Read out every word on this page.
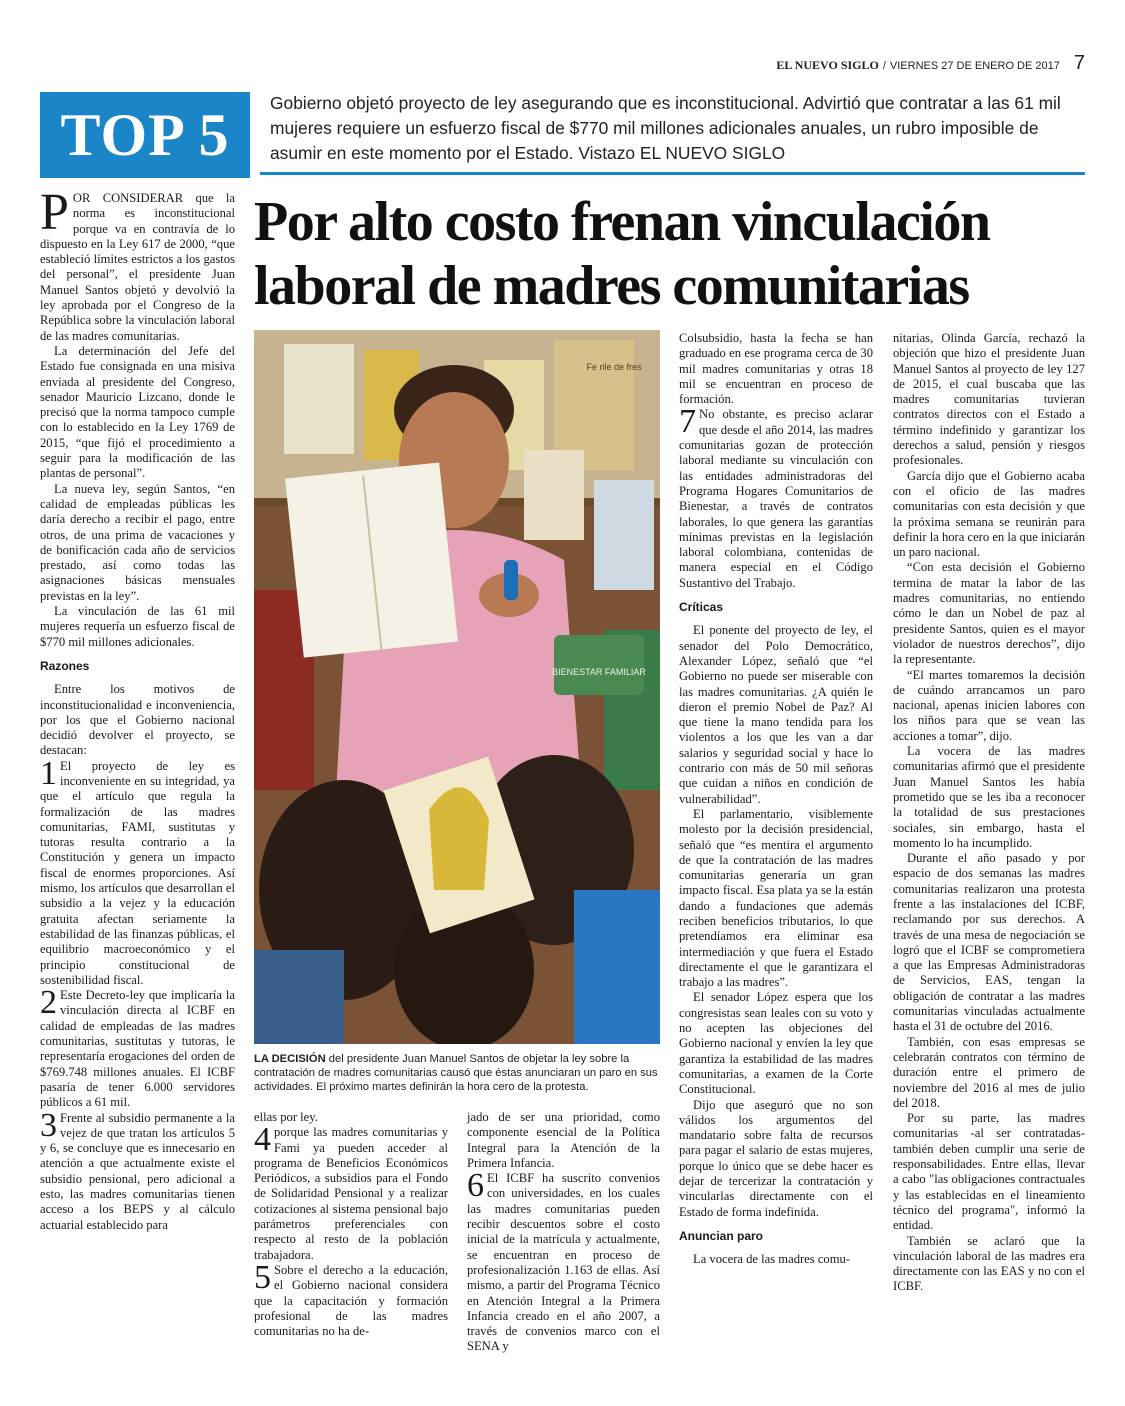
EL NUEVO SIGLO / VIERNES 27 DE ENERO DE 2017 7
TOP 5	Gobierno objetó proyecto de ley asegurando que es inconstitucional. Advirtió que contratar a las 61 mil mujeres requiere un esfuerzo fiscal de $770 mil millones adicionales anuales, un rubro imposible de asumir en este momento por el Estado. Vistazo EL NUEVO SIGLO
Por alto costo frenan vinculación laboral de madres comunitarias

POR CONSIDERAR que la norma es inconstitucional porque va en contravía de lo dispuesto en la Ley 617 de 2000, “que estableció límites estrictos a los gastos del personal”, el presidente Juan Manuel Santos objetó y devolvió la ley aprobada por el Congreso de la República sobre la vinculación laboral de las madres comunitarias.

La determinación del Jefe del Estado fue consignada en una misiva enviada al presidente del Congreso, senador Mauricio Lizcano, donde le precisó que la norma tampoco cumple con lo establecido en la Ley 1769 de 2015, “que fijó el procedimiento a seguir para la modificación de las plantas de personal”.

La nueva ley, según Santos, “en calidad de empleadas públicas les daría derecho a recibir el pago, entre otros, de una prima de vacaciones y de bonificación cada año de servicios prestado, así como todas las asignaciones básicas mensuales previstas en la ley”.

La vinculación de las 61 mil mujeres requería un esfuerzo fiscal de $770 mil millones adicionales.

Razones

Entre los motivos de inconstitucionalidad e inconveniencia, por los que el Gobierno nacional decidió devolver el proyecto, se destacan:

1 El proyecto de ley es inconveniente en su integridad, ya que el artículo que regula la formalización de las madres comunitarias, FAMI, sustitutas y tutoras resulta contrario a la Constitución y genera un impacto fiscal de enormes proporciones. Así mismo, los artículos que desarrollan el subsidio a la vejez y la educación gratuita afectan seriamente la estabilidad de las finanzas públicas, el equilibrio macroeconómico y el principio constitucional de sostenibilidad fiscal.

2 Este Decreto-ley que implicaría la vinculación directa al ICBF en calidad de empleadas de las madres comunitarias, sustitutas y tutoras, le representaría erogaciones del orden de $769.748 millones anuales. El ICBF pasaría de tener 6.000 servidores públicos a 61 mil.

3 Frente al subsidio permanente a la vejez de que tratan los artículos 5 y 6, se concluye que es innecesario en atención a que actualmente existe el subsidio pensional, pero adicional a esto, las madres comunitarias tienen acceso a los BEPS y al cálculo actuarial establecido para

BIENESTAR FAMILIAR
Fe rile de fres
LA DECISIÓN del presidente Juan Manuel Santos de objetar la ley sobre la contratación de madres comunitarias causó que éstas anunciaran un paro en sus actividades. El próximo martes definirán la hora cero de la protesta.

ellas por ley.

4 porque las madres comunitarias y Fami ya pueden acceder al programa de Beneficios Económicos Periódicos, a subsidios para el Fondo de Solidaridad Pensional y a realizar cotizaciones al sistema pensional bajo parámetros preferenciales con respecto al resto de la población trabajadora.

5 Sobre el derecho a la educación, el Gobierno nacional considera que la capacitación y formación profesional de las madres comunitarias no ha de-

jado de ser una prioridad, como componente esencial de la Política Integral para la Atención de la Primera Infancia.

6 El ICBF ha suscrito convenios con universidades, en los cuales las madres comunitarias pueden recibir descuentos sobre el costo inicial de la matrícula y actualmente, se encuentran en proceso de profesionalización 1.163 de ellas. Así mismo, a partir del Programa Técnico en Atención Integral a la Primera Infancia creado en el año 2007, a través de convenios marco con el SENA y

Colsubsidio, hasta la fecha se han graduado en ese programa cerca de 30 mil madres comunitarias y otras 18 mil se encuentran en proceso de formación.

7 No obstante, es preciso aclarar que desde el año 2014, las madres comunitarias gozan de protección laboral mediante su vinculación con las entidades administradoras del Programa Hogares Comunitarios de Bienestar, a través de contratos laborales, lo que genera las garantías mínimas previstas en la legislación laboral colombiana, contenidas de manera especial en el Código Sustantivo del Trabajo.

Críticas

El ponente del proyecto de ley, el senador del Polo Democrático, Alexander López, señaló que “el Gobierno no puede ser miserable con las madres comunitarias. ¿A quién le dieron el premio Nobel de Paz? Al que tiene la mano tendida para los violentos a los que les van a dar salarios y seguridad social y hace lo contrario con más de 50 mil señoras que cuidan a niños en condición de vulnerabilidad”.

El parlamentario, visiblemente molesto por la decisión presidencial, señaló que “es mentira el argumento de que la contratación de las madres comunitarias generaría un gran impacto fiscal. Esa plata ya se la están dando a fundaciones que además reciben beneficios tributarios, lo que pretendíamos era eliminar esa intermediación y que fuera el Estado directamente el que le garantizara el trabajo a las madres”.

El senador López espera que los congresistas sean leales con su voto y no acepten las objeciones del Gobierno nacional y envíen la ley que garantiza la estabilidad de las madres comunitarias, a examen de la Corte Constitucional.

Dijo que aseguró que no son válidos los argumentos del mandatario sobre falta de recursos para pagar el salario de estas mujeres, porque lo único que se debe hacer es dejar de tercerizar la contratación y vincularlas directamente con el Estado de forma indefinida.

Anuncian paro

La vocera de las madres comu-

nitarias, Olinda García, rechazó la objeción que hizo el presidente Juan Manuel Santos al proyecto de ley 127 de 2015, el cual buscaba que las madres comunitarias tuvieran contratos directos con el Estado a término indefinido y garantizar los derechos a salud, pensión y riesgos profesionales.

García dijo que el Gobierno acaba con el oficio de las madres comunitarias con esta decisión y que la próxima semana se reunirán para definir la hora cero en la que iniciarán un paro nacional.

“Con esta decisión el Gobierno termina de matar la labor de las madres comunitarias, no entiendo cómo le dan un Nobel de paz al presidente Santos, quien es el mayor violador de nuestros derechos”, dijo la representante.

“El martes tomaremos la decisión de cuándo arrancamos un paro nacional, apenas inicien labores con los niños para que se vean las acciones a tomar”, dijo.

La vocera de las madres comunitarias afirmó que el presidente Juan Manuel Santos les había prometido que se les iba a reconocer la totalidad de sus prestaciones sociales, sin embargo, hasta el momento lo ha incumplido.

Durante el año pasado y por espacio de dos semanas las madres comunitarias realizaron una protesta frente a las instalaciones del ICBF, reclamando por sus derechos. A través de una mesa de negociación se logró que el ICBF se comprometiera a que las Empresas Administradoras de Servicios, EAS, tengan la obligación de contratar a las madres comunitarias vinculadas actualmente hasta el 31 de octubre del 2016.

También, con esas empresas se celebrarán contratos con término de duración entre el primero de noviembre del 2016 al mes de julio del 2018.

Por su parte, las madres comunitarias -al ser contratadas- también deben cumplir una serie de responsabilidades. Entre ellas, llevar a cabo "las obligaciones contractuales y las establecidas en el lineamiento técnico del programa", informó la entidad.

También se aclaró que la vinculación laboral de las madres era directamente con las EAS y no con el ICBF.
